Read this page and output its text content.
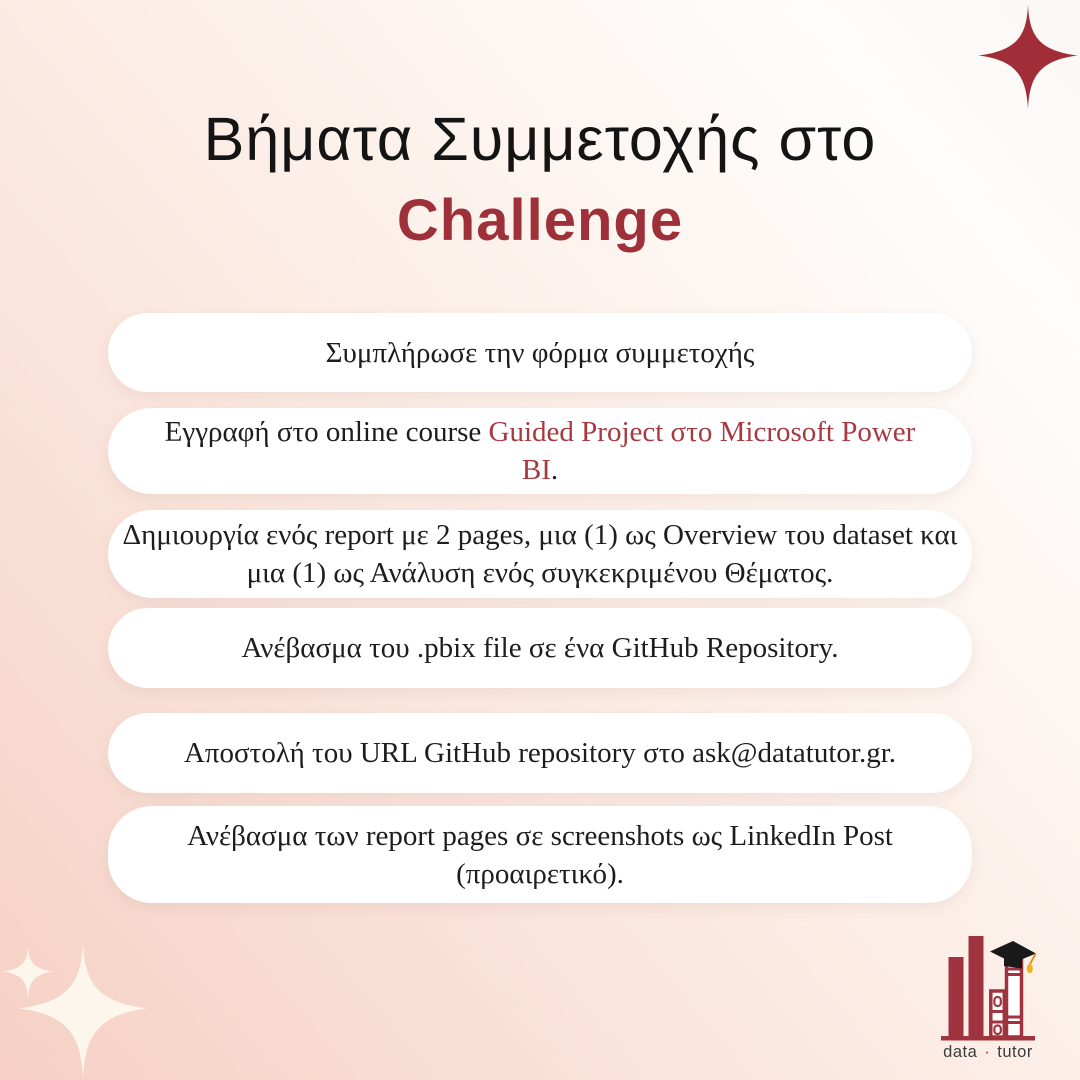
Βήματα Συμμετοχής στο
Challenge

Συμπλήρωσε την φόρμα συμμετοχής

Εγγραφή στο online course Guided Project στο Microsoft Power BI.

Δημιουργία ενός report με 2 pages, μια (1) ως Overview του dataset και μια (1) ως Ανάλυση ενός συγκεκριμένου Θέματος.

Ανέβασμα του .pbix file σε ένα GitHub Repository.

Αποστολή του URL GitHub repository στο ask@datatutor.gr.

Ανέβασμα των report pages σε screenshots ως LinkedIn Post (προαιρετικό).

data · tutor
